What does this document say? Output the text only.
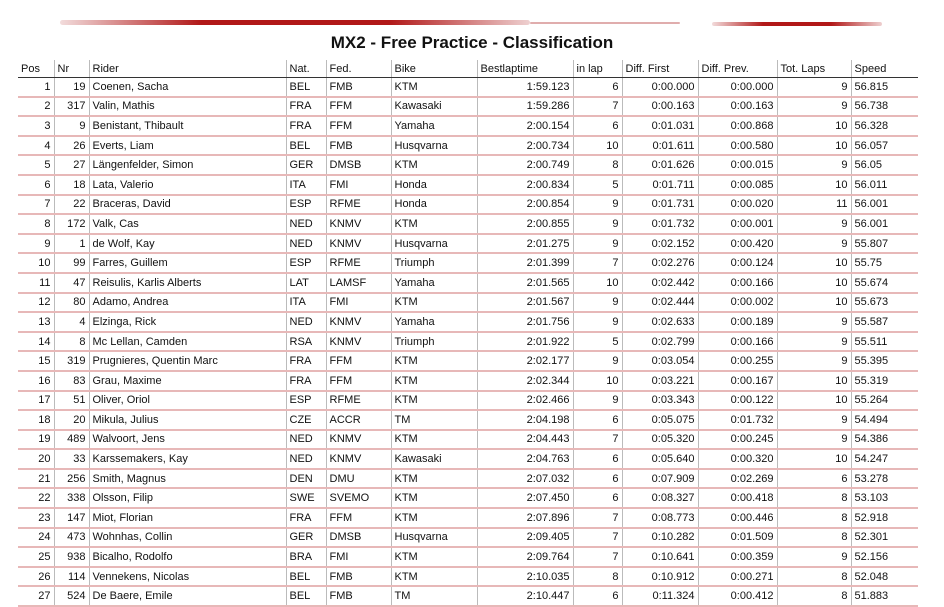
MX2 - Free Practice - Classification
Pos	Nr	Rider	Nat.	Fed.	Bike	Bestlaptime	in lap	Diff. First	Diff. Prev.	Tot. Laps	Speed
1	19	Coenen, Sacha	BEL	FMB	KTM	1:59.123	6	0:00.000	0:00.000	9	56.815
2	317	Valin, Mathis	FRA	FFM	Kawasaki	1:59.286	7	0:00.163	0:00.163	9	56.738
3	9	Benistant, Thibault	FRA	FFM	Yamaha	2:00.154	6	0:01.031	0:00.868	10	56.328
4	26	Everts, Liam	BEL	FMB	Husqvarna	2:00.734	10	0:01.611	0:00.580	10	56.057
5	27	Längenfelder, Simon	GER	DMSB	KTM	2:00.749	8	0:01.626	0:00.015	9	56.05
6	18	Lata, Valerio	ITA	FMI	Honda	2:00.834	5	0:01.711	0:00.085	10	56.011
7	22	Braceras, David	ESP	RFME	Honda	2:00.854	9	0:01.731	0:00.020	11	56.001
8	172	Valk, Cas	NED	KNMV	KTM	2:00.855	9	0:01.732	0:00.001	9	56.001
9	1	de Wolf, Kay	NED	KNMV	Husqvarna	2:01.275	9	0:02.152	0:00.420	9	55.807
10	99	Farres, Guillem	ESP	RFME	Triumph	2:01.399	7	0:02.276	0:00.124	10	55.75
11	47	Reisulis, Karlis Alberts	LAT	LAMSF	Yamaha	2:01.565	10	0:02.442	0:00.166	10	55.674
12	80	Adamo, Andrea	ITA	FMI	KTM	2:01.567	9	0:02.444	0:00.002	10	55.673
13	4	Elzinga, Rick	NED	KNMV	Yamaha	2:01.756	9	0:02.633	0:00.189	9	55.587
14	8	Mc Lellan, Camden	RSA	KNMV	Triumph	2:01.922	5	0:02.799	0:00.166	9	55.511
15	319	Prugnieres, Quentin Marc	FRA	FFM	KTM	2:02.177	9	0:03.054	0:00.255	9	55.395
16	83	Grau, Maxime	FRA	FFM	KTM	2:02.344	10	0:03.221	0:00.167	10	55.319
17	51	Oliver, Oriol	ESP	RFME	KTM	2:02.466	9	0:03.343	0:00.122	10	55.264
18	20	Mikula, Julius	CZE	ACCR	TM	2:04.198	6	0:05.075	0:01.732	9	54.494
19	489	Walvoort, Jens	NED	KNMV	KTM	2:04.443	7	0:05.320	0:00.245	9	54.386
20	33	Karssemakers, Kay	NED	KNMV	Kawasaki	2:04.763	6	0:05.640	0:00.320	10	54.247
21	256	Smith, Magnus	DEN	DMU	KTM	2:07.032	6	0:07.909	0:02.269	6	53.278
22	338	Olsson, Filip	SWE	SVEMO	KTM	2:07.450	6	0:08.327	0:00.418	8	53.103
23	147	Miot, Florian	FRA	FFM	KTM	2:07.896	7	0:08.773	0:00.446	8	52.918
24	473	Wohnhas, Collin	GER	DMSB	Husqvarna	2:09.405	7	0:10.282	0:01.509	8	52.301
25	938	Bicalho, Rodolfo	BRA	FMI	KTM	2:09.764	7	0:10.641	0:00.359	9	52.156
26	114	Vennekens, Nicolas	BEL	FMB	KTM	2:10.035	8	0:10.912	0:00.271	8	52.048
27	524	De Baere, Emile	BEL	FMB	TM	2:10.447	6	0:11.324	0:00.412	8	51.883
